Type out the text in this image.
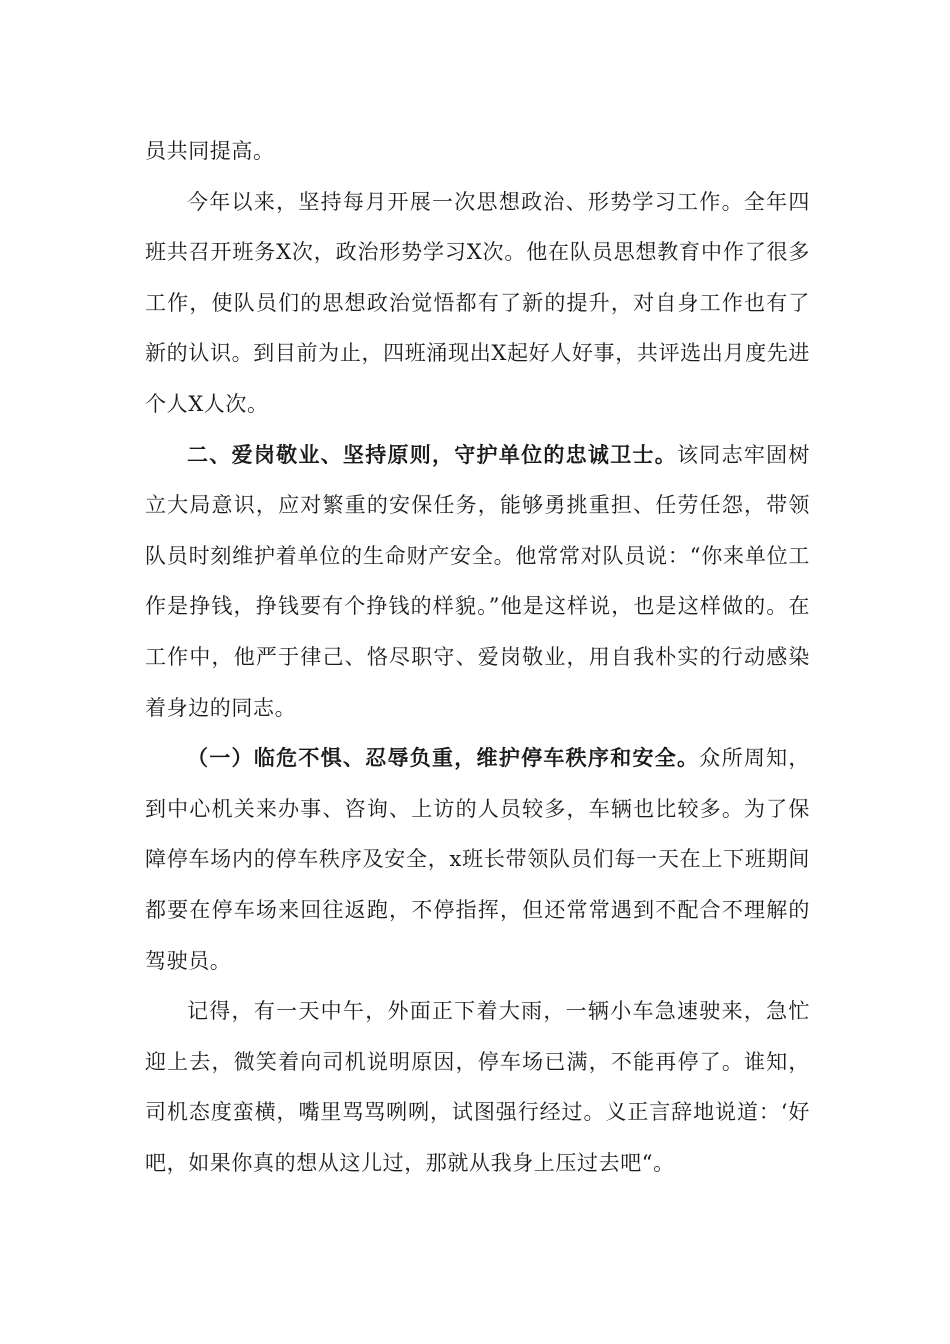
员共同提高。

今年以来，坚持每月开展一次思想政治、形势学习工作。全年四班共召开班务X次，政治形势学习X次。他在队员思想教育中作了很多工作，使队员们的思想政治觉悟都有了新的提升，对自身工作也有了新的认识。到目前为止，四班涌现出X起好人好事，共评选出月度先进个人X人次。

二、爱岗敬业、坚持原则，守护单位的忠诚卫士。该同志牢固树立大局意识，应对繁重的安保任务，能够勇挑重担、任劳任怨，带领队员时刻维护着单位的生命财产安全。他常常对队员说：“你来单位工作是挣钱，挣钱要有个挣钱的样貌。”他是这样说，也是这样做的。在工作中，他严于律己、恪尽职守、爱岗敬业，用自我朴实的行动感染着身边的同志。

（一）临危不惧、忍辱负重，维护停车秩序和安全。众所周知，到中心机关来办事、咨询、上访的人员较多，车辆也比较多。为了保障停车场内的停车秩序及安全，x班长带领队员们每一天在上下班期间都要在停车场来回往返跑，不停指挥，但还常常遇到不配合不理解的驾驶员。

记得，有一天中午，外面正下着大雨，一辆小车急速驶来，急忙迎上去，微笑着向司机说明原因，停车场已满，不能再停了。谁知，司机态度蛮横，嘴里骂骂咧咧，试图强行经过。义正言辞地说道：‘好吧，如果你真的想从这儿过，那就从我身上压过去吧“。
